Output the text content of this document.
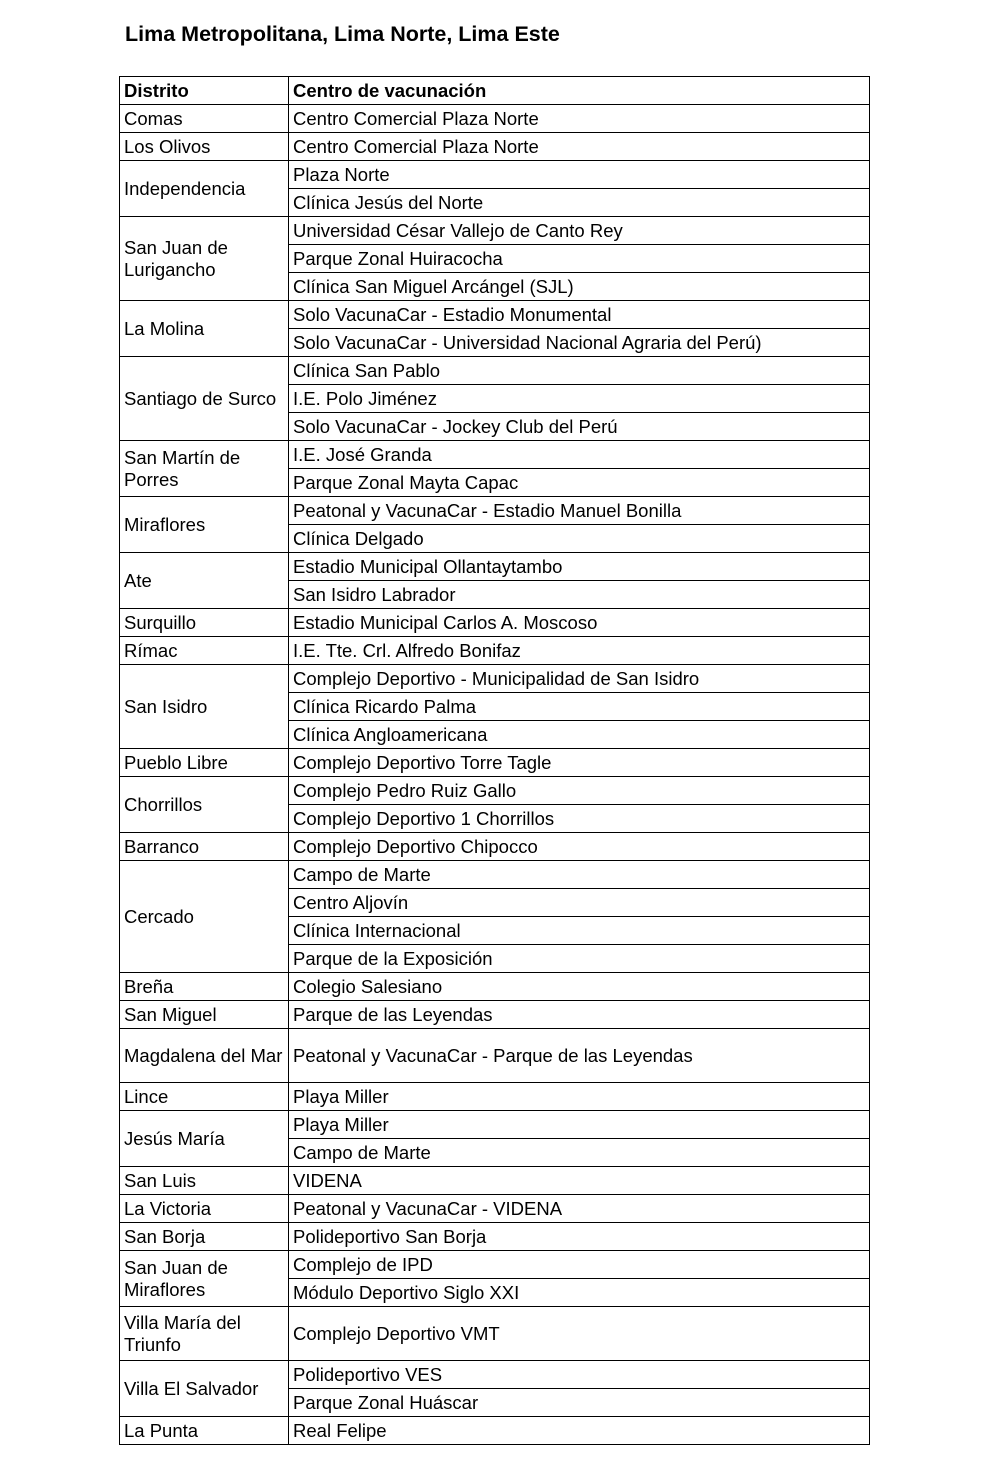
Lima Metropolitana, Lima Norte, Lima Este
Distrito	Centro de vacunación
Comas	Centro Comercial Plaza Norte
Los Olivos	Centro Comercial Plaza Norte
Independencia	Plaza Norte
	Clínica Jesús del Norte
San Juan de Lurigancho	Universidad César Vallejo de Canto Rey
	Parque Zonal Huiracocha
	Clínica San Miguel Arcángel (SJL)
La Molina	Solo VacunaCar - Estadio Monumental
	Solo VacunaCar - Universidad Nacional Agraria del Perú)
Santiago de Surco	Clínica San Pablo
	I.E. Polo Jiménez
	Solo VacunaCar - Jockey Club del Perú
San Martín de Porres	I.E. José Granda
	Parque Zonal Mayta Capac
Miraflores	Peatonal y VacunaCar - Estadio Manuel Bonilla
	Clínica Delgado
Ate	Estadio Municipal Ollantaytambo
	San Isidro Labrador
Surquillo	Estadio Municipal Carlos A. Moscoso
Rímac	I.E. Tte. Crl. Alfredo Bonifaz
San Isidro	Complejo Deportivo - Municipalidad de San Isidro
	Clínica Ricardo Palma
	Clínica Angloamericana
Pueblo Libre	Complejo Deportivo Torre Tagle
Chorrillos	Complejo Pedro Ruiz Gallo
	Complejo Deportivo 1 Chorrillos
Barranco	Complejo Deportivo Chipocco
Cercado	Campo de Marte
	Centro Aljovín
	Clínica Internacional
	Parque de la Exposición
Breña	Colegio Salesiano
San Miguel	Parque de las Leyendas
Magdalena del Mar	Peatonal y VacunaCar - Parque de las Leyendas
Lince	Playa Miller
Jesús María	Playa Miller
	Campo de Marte
San Luis	VIDENA
La Victoria	Peatonal y VacunaCar - VIDENA
San Borja	Polideportivo San Borja
San Juan de Miraflores	Complejo de IPD
	Módulo Deportivo Siglo XXI
Villa María del Triunfo	Complejo Deportivo VMT
Villa El Salvador	Polideportivo VES
	Parque Zonal Huáscar
La Punta	Real Felipe
